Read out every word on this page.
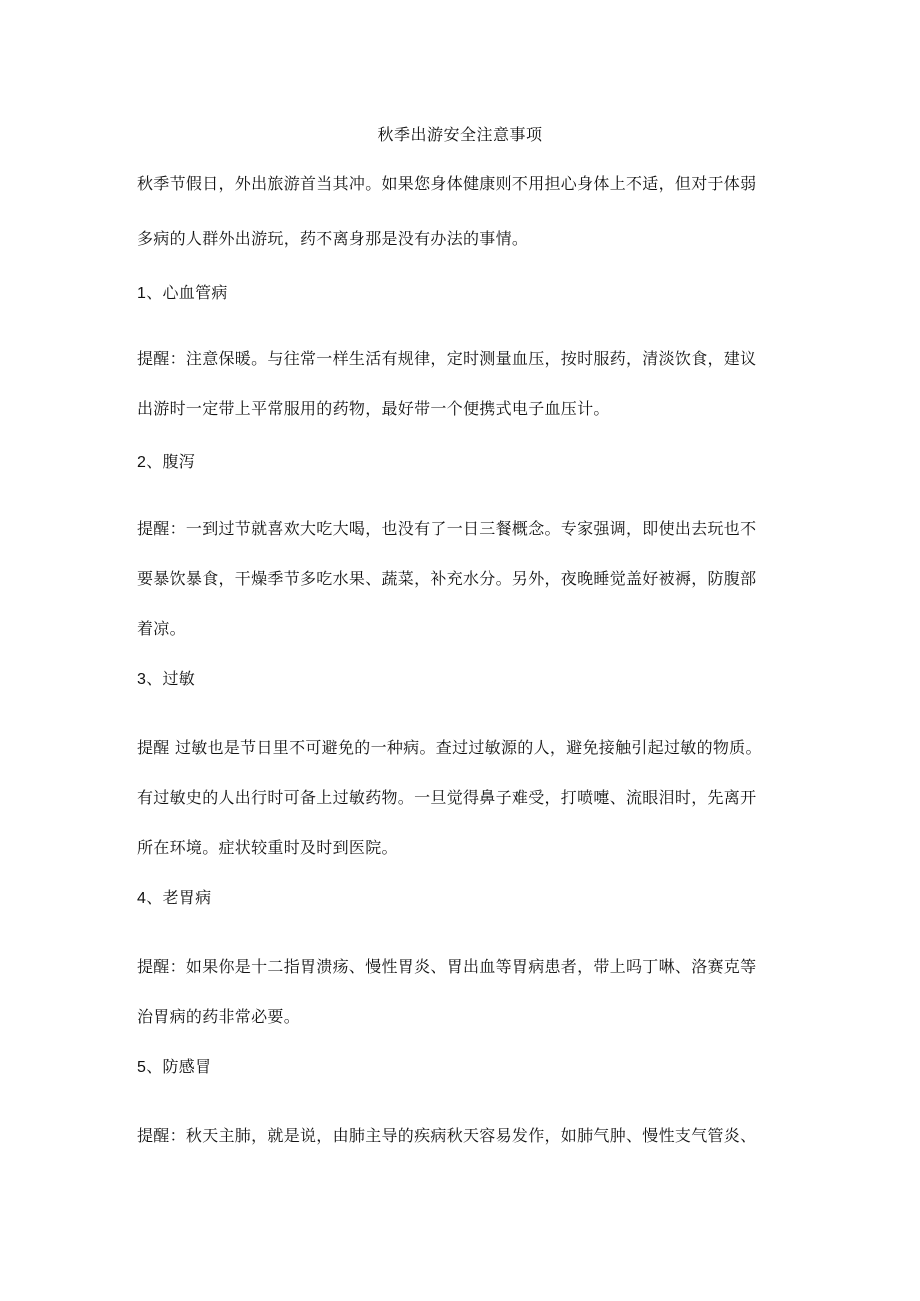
秋季出游安全注意事项
秋季节假日，外出旅游首当其冲。如果您身体健康则不用担心身体上不适，但对于体弱
多病的人群外出游玩，药不离身那是没有办法的事情。
1、心血管病
提醒：注意保暖。与往常一样生活有规律，定时测量血压，按时服药，清淡饮食，建议
出游时一定带上平常服用的药物，最好带一个便携式电子血压计。
2、腹泻
提醒：一到过节就喜欢大吃大喝，也没有了一日三餐概念。专家强调，即使出去玩也不
要暴饮暴食，干燥季节多吃水果、蔬菜，补充水分。另外，夜晚睡觉盖好被褥，防腹部
着凉。
3、过敏
提醒 过敏也是节日里不可避免的一种病。查过过敏源的人，避免接触引起过敏的物质。
有过敏史的人出行时可备上过敏药物。一旦觉得鼻子难受，打喷嚏、流眼泪时，先离开
所在环境。症状较重时及时到医院。
4、老胃病
提醒：如果你是十二指胃溃疡、慢性胃炎、胃出血等胃病患者，带上吗丁啉、洛赛克等
治胃病的药非常必要。
5、防感冒
提醒：秋天主肺，就是说，由肺主导的疾病秋天容易发作，如肺气肿、慢性支气管炎、
